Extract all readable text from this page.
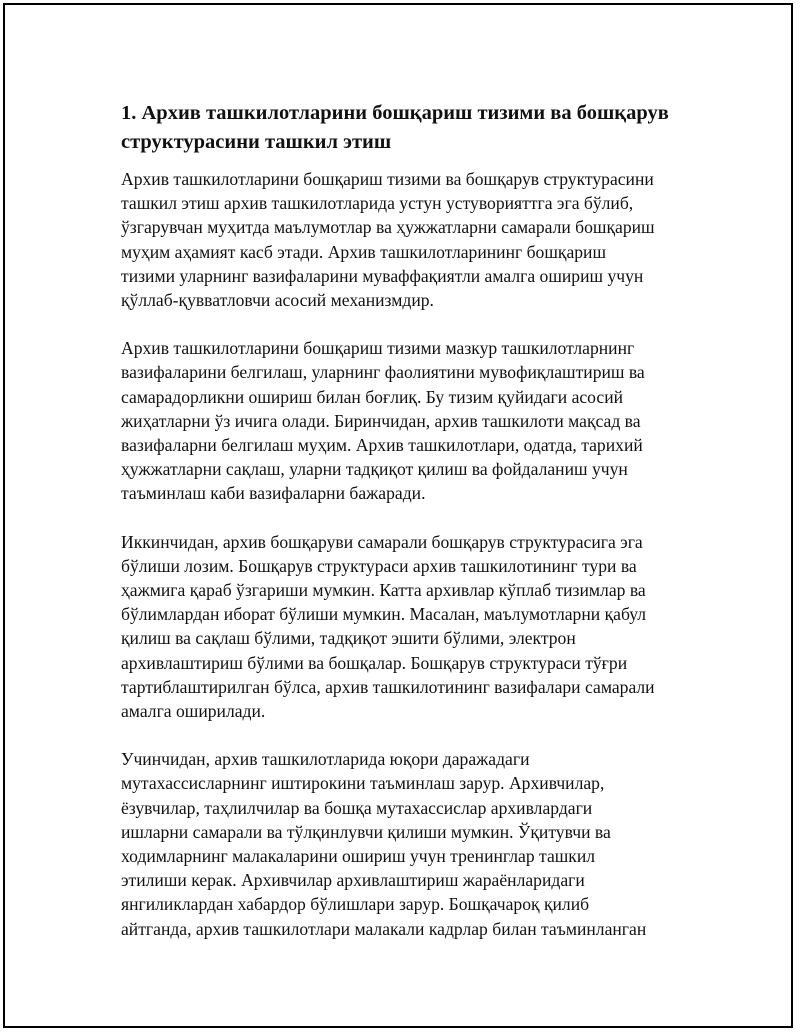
1. Архив ташкилотларини бошқариш тизими ва бошқарув
структурасини ташкил этиш

Архив ташкилотларини бошқариш тизими ва бошқарув структурасини
ташкил этиш архив ташкилотларида устун устуворияттга эга бўлиб,
ўзгарувчан муҳитда маълумотлар ва ҳужжатларни самарали бошқариш
муҳим аҳамият касб этади. Архив ташкилотларининг бошқариш
тизими уларнинг вазифаларини муваффақиятли амалга ошириш учун
қўллаб-қувватловчи асосий механизмдир.

Архив ташкилотларини бошқариш тизими мазкур ташкилотларнинг
вазифаларини белгилаш, уларнинг фаолиятини мувофиқлаштириш ва
самарадорликни ошириш билан боғлиқ. Бу тизим қуйидаги асосий
жиҳатларни ўз ичига олади. Биринчидан, архив ташкилоти мақсад ва
вазифаларни белгилаш муҳим. Архив ташкилотлари, одатда, тарихий
ҳужжатларни сақлаш, уларни тадқиқот қилиш ва фойдаланиш учун
таъминлаш каби вазифаларни бажаради.

Иккинчидан, архив бошқаруви самарали бошқарув структурасига эга
бўлиши лозим. Бошқарув структураси архив ташкилотининг тури ва
ҳажмига қараб ўзгариши мумкин. Катта архивлар кўплаб тизимлар ва
бўлимлардан иборат бўлиши мумкин. Масалан, маълумотларни қабул
қилиш ва сақлаш бўлими, тадқиқот эшити бўлими, электрон
архивлаштириш бўлими ва бошқалар. Бошқарув структураси тўғри
тартиблаштирилган бўлса, архив ташкилотининг вазифалари самарали
амалга оширилади.

Учинчидан, архив ташкилотларида юқори даражадаги
мутахассисларнинг иштирокини таъминлаш зарур. Архивчилар,
ёзувчилар, таҳлилчилар ва бошқа мутахассислар архивлардаги
ишларни самарали ва тўлқинлувчи қилиши мумкин. Ўқитувчи ва
ходимларнинг малакаларини ошириш учун тренинглар ташкил
этилиши керак. Архивчилар архивлаштириш жараёнларидаги
янгиликлардан хабардор бўлишлари зарур. Бошқачароқ қилиб
айтганда, архив ташкилотлари малакали кадрлар билан таъминланган
